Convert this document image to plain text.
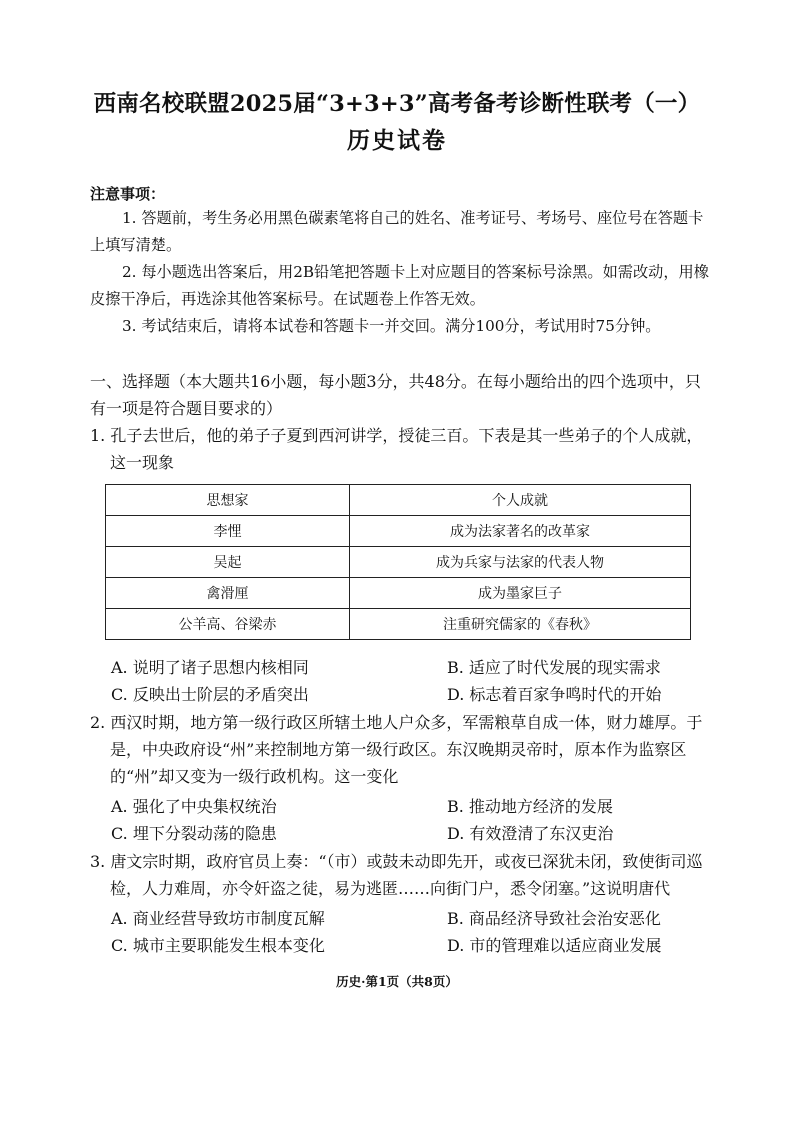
西南名校联盟2025届“3+3+3”高考备考诊断性联考（一）
历史试卷
注意事项：
1. 答题前，考生务必用黑色碳素笔将自己的姓名、准考证号、考场号、座位号在答题卡上填写清楚。
2. 每小题选出答案后，用2B铅笔把答题卡上对应题目的答案标号涂黑。如需改动，用橡皮擦干净后，再选涂其他答案标号。在试题卷上作答无效。
3. 考试结束后，请将本试卷和答题卡一并交回。满分100分，考试用时75分钟。
一、选择题（本大题共16小题，每小题3分，共48分。在每小题给出的四个选项中，只有一项是符合题目要求的）
1. 孔子去世后，他的弟子子夏到西河讲学，授徒三百。下表是其一些弟子的个人成就，这一现象
思想家	个人成就
李悝	成为法家著名的改革家
吴起	成为兵家与法家的代表人物
禽滑厘	成为墨家巨子
公羊高、谷梁赤	注重研究儒家的《春秋》
A. 说明了诸子思想内核相同	B. 适应了时代发展的现实需求
C. 反映出士阶层的矛盾突出	D. 标志着百家争鸣时代的开始
2. 西汉时期，地方第一级行政区所辖土地人户众多，军需粮草自成一体，财力雄厚。于是，中央政府设“州”来控制地方第一级行政区。东汉晚期灵帝时，原本作为监察区的“州”却又变为一级行政机构。这一变化
A. 强化了中央集权统治	B. 推动地方经济的发展
C. 埋下分裂动荡的隐患	D. 有效澄清了东汉吏治
3. 唐文宗时期，政府官员上奏：“（市）或鼓未动即先开，或夜已深犹未闭，致使街司巡检，人力难周，亦令奸盗之徒，易为逃匿……向街门户，悉令闭塞。”这说明唐代
A. 商业经营导致坊市制度瓦解	B. 商品经济导致社会治安恶化
C. 城市主要职能发生根本变化	D. 市的管理难以适应商业发展
历史·第1页（共8页）
